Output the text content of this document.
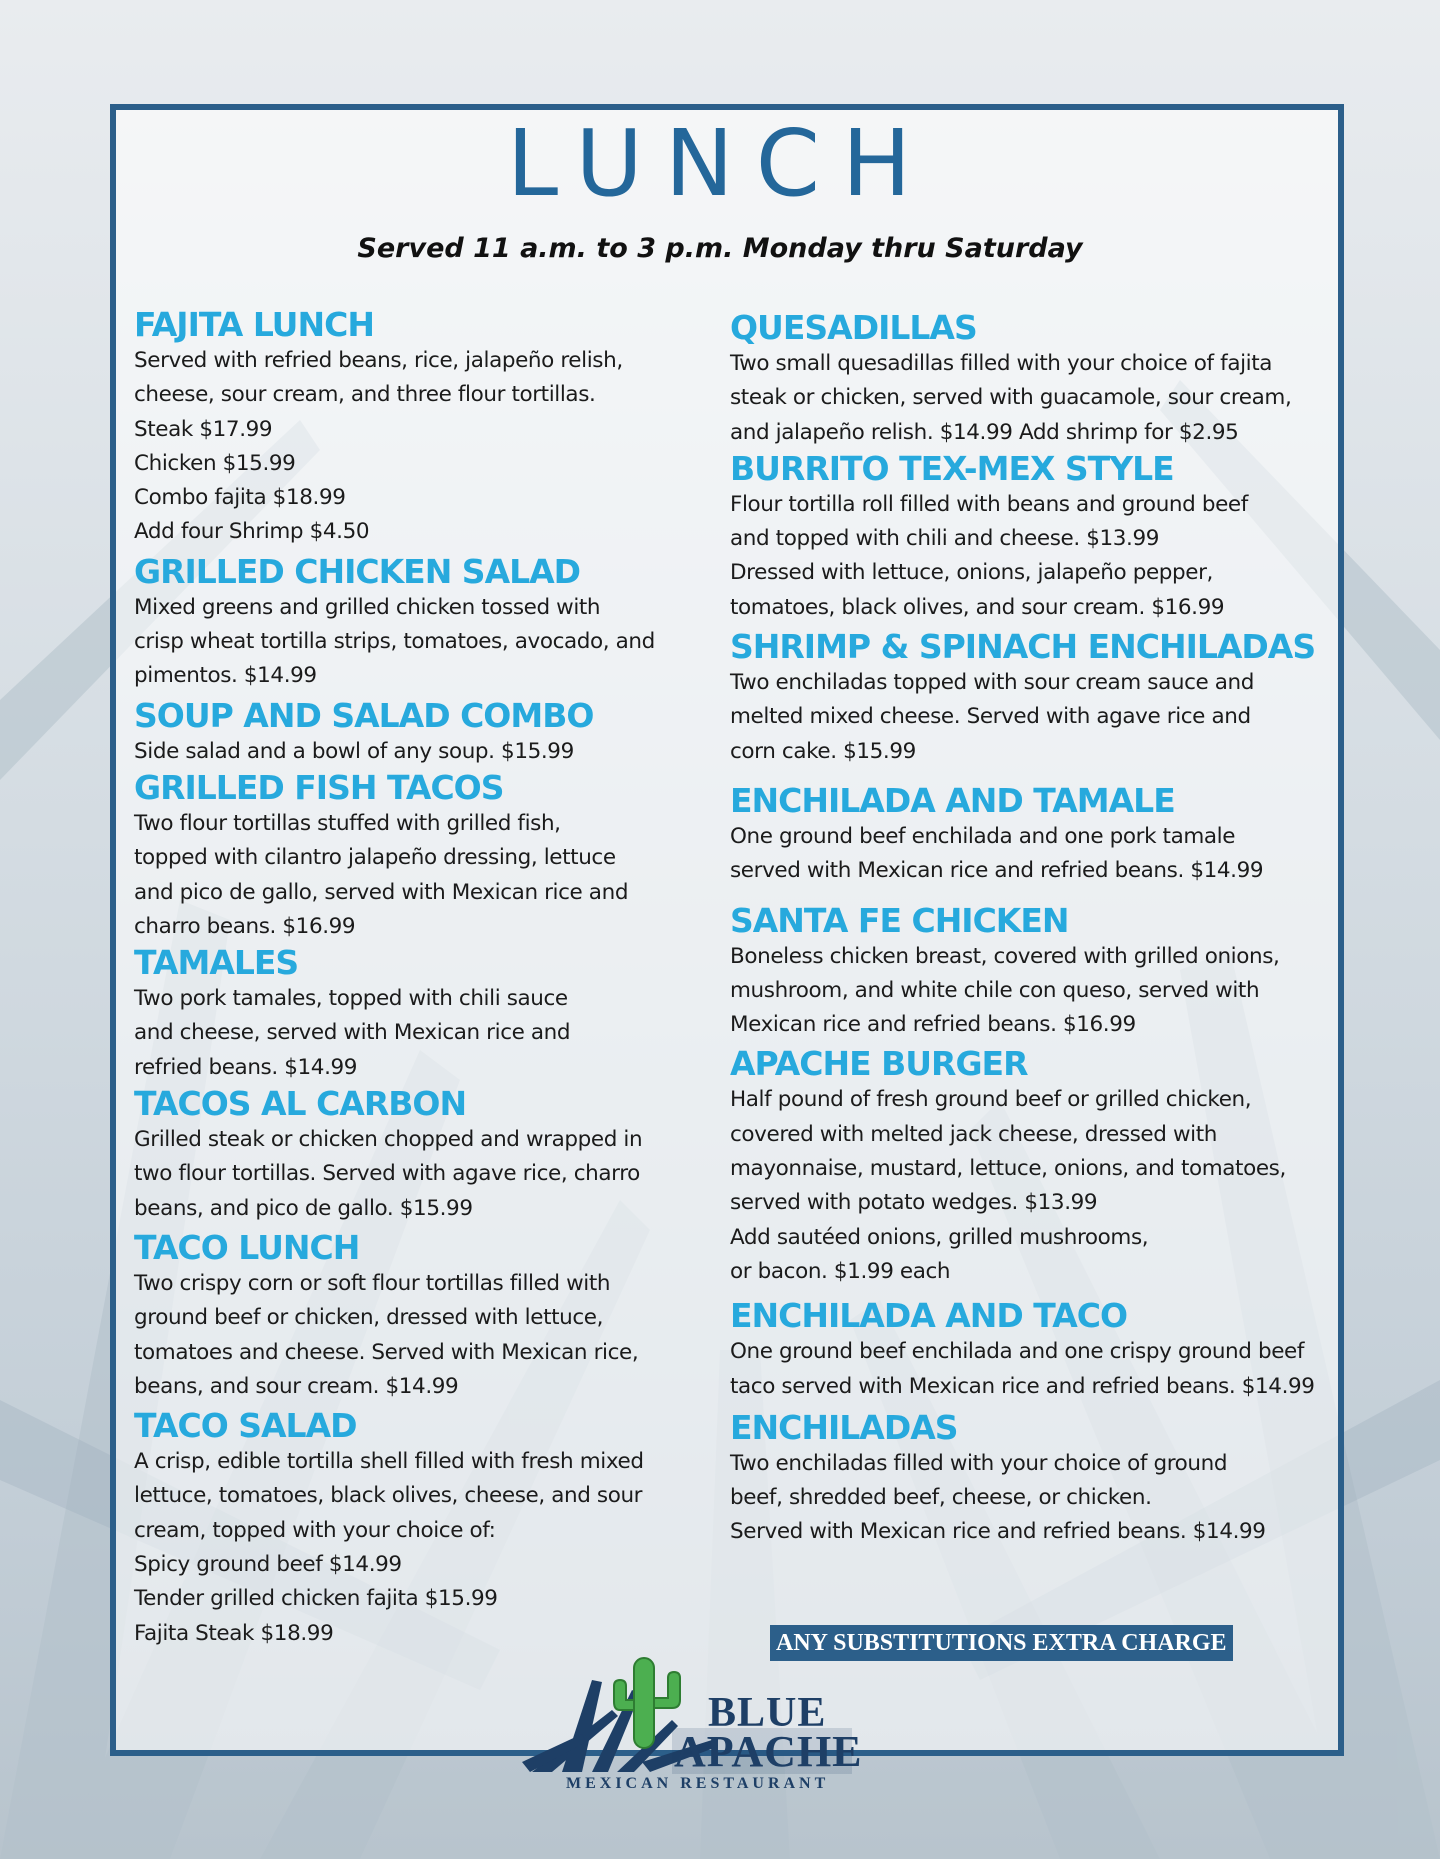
LUNCH
Served 11 a.m. to 3 p.m. Monday thru Saturday
FAJITA LUNCH
Served with refried beans, rice, jalapeño relish,
cheese, sour cream, and three flour tortillas.
Steak $17.99
Chicken $15.99
Combo fajita $18.99
Add four Shrimp $4.50
GRILLED CHICKEN SALAD
Mixed greens and grilled chicken tossed with
crisp wheat tortilla strips, tomatoes, avocado, and
pimentos. $14.99
SOUP AND SALAD COMBO
Side salad and a bowl of any soup. $15.99
GRILLED FISH TACOS
Two flour tortillas stuffed with grilled fish,
topped with cilantro jalapeño dressing, lettuce
and pico de gallo, served with Mexican rice and
charro beans. $16.99
TAMALES
Two pork tamales, topped with chili sauce
and cheese, served with Mexican rice and
refried beans. $14.99
TACOS AL CARBON
Grilled steak or chicken chopped and wrapped in
two flour tortillas. Served with agave rice, charro
beans, and pico de gallo. $15.99
TACO LUNCH
Two crispy corn or soft flour tortillas filled with
ground beef or chicken, dressed with lettuce,
tomatoes and cheese. Served with Mexican rice,
beans, and sour cream. $14.99
TACO SALAD
A crisp, edible tortilla shell filled with fresh mixed
lettuce, tomatoes, black olives, cheese, and sour
cream, topped with your choice of:
Spicy ground beef $14.99
Tender grilled chicken fajita $15.99
Fajita Steak $18.99
QUESADILLAS
Two small quesadillas filled with your choice of fajita
steak or chicken, served with guacamole, sour cream,
and jalapeño relish. $14.99 Add shrimp for $2.95
BURRITO TEX-MEX STYLE
Flour tortilla roll filled with beans and ground beef
and topped with chili and cheese. $13.99
Dressed with lettuce, onions, jalapeño pepper,
tomatoes, black olives, and sour cream. $16.99
SHRIMP & SPINACH ENCHILADAS
Two enchiladas topped with sour cream sauce and
melted mixed cheese. Served with agave rice and
corn cake. $15.99
ENCHILADA AND TAMALE
One ground beef enchilada and one pork tamale
served with Mexican rice and refried beans. $14.99
SANTA FE CHICKEN
Boneless chicken breast, covered with grilled onions,
mushroom, and white chile con queso, served with
Mexican rice and refried beans. $16.99
APACHE BURGER
Half pound of fresh ground beef or grilled chicken,
covered with melted jack cheese, dressed with
mayonnaise, mustard, lettuce, onions, and tomatoes,
served with potato wedges. $13.99
Add sautéed onions, grilled mushrooms,
or bacon. $1.99 each
ENCHILADA AND TACO
One ground beef enchilada and one crispy ground beef
taco served with Mexican rice and refried beans. $14.99
ENCHILADAS
Two enchiladas filled with your choice of ground
beef, shredded beef, cheese, or chicken.
Served with Mexican rice and refried beans. $14.99
ANY SUBSTITUTIONS EXTRA CHARGE
BLUE
APACHE
MEXICAN RESTAURANT
